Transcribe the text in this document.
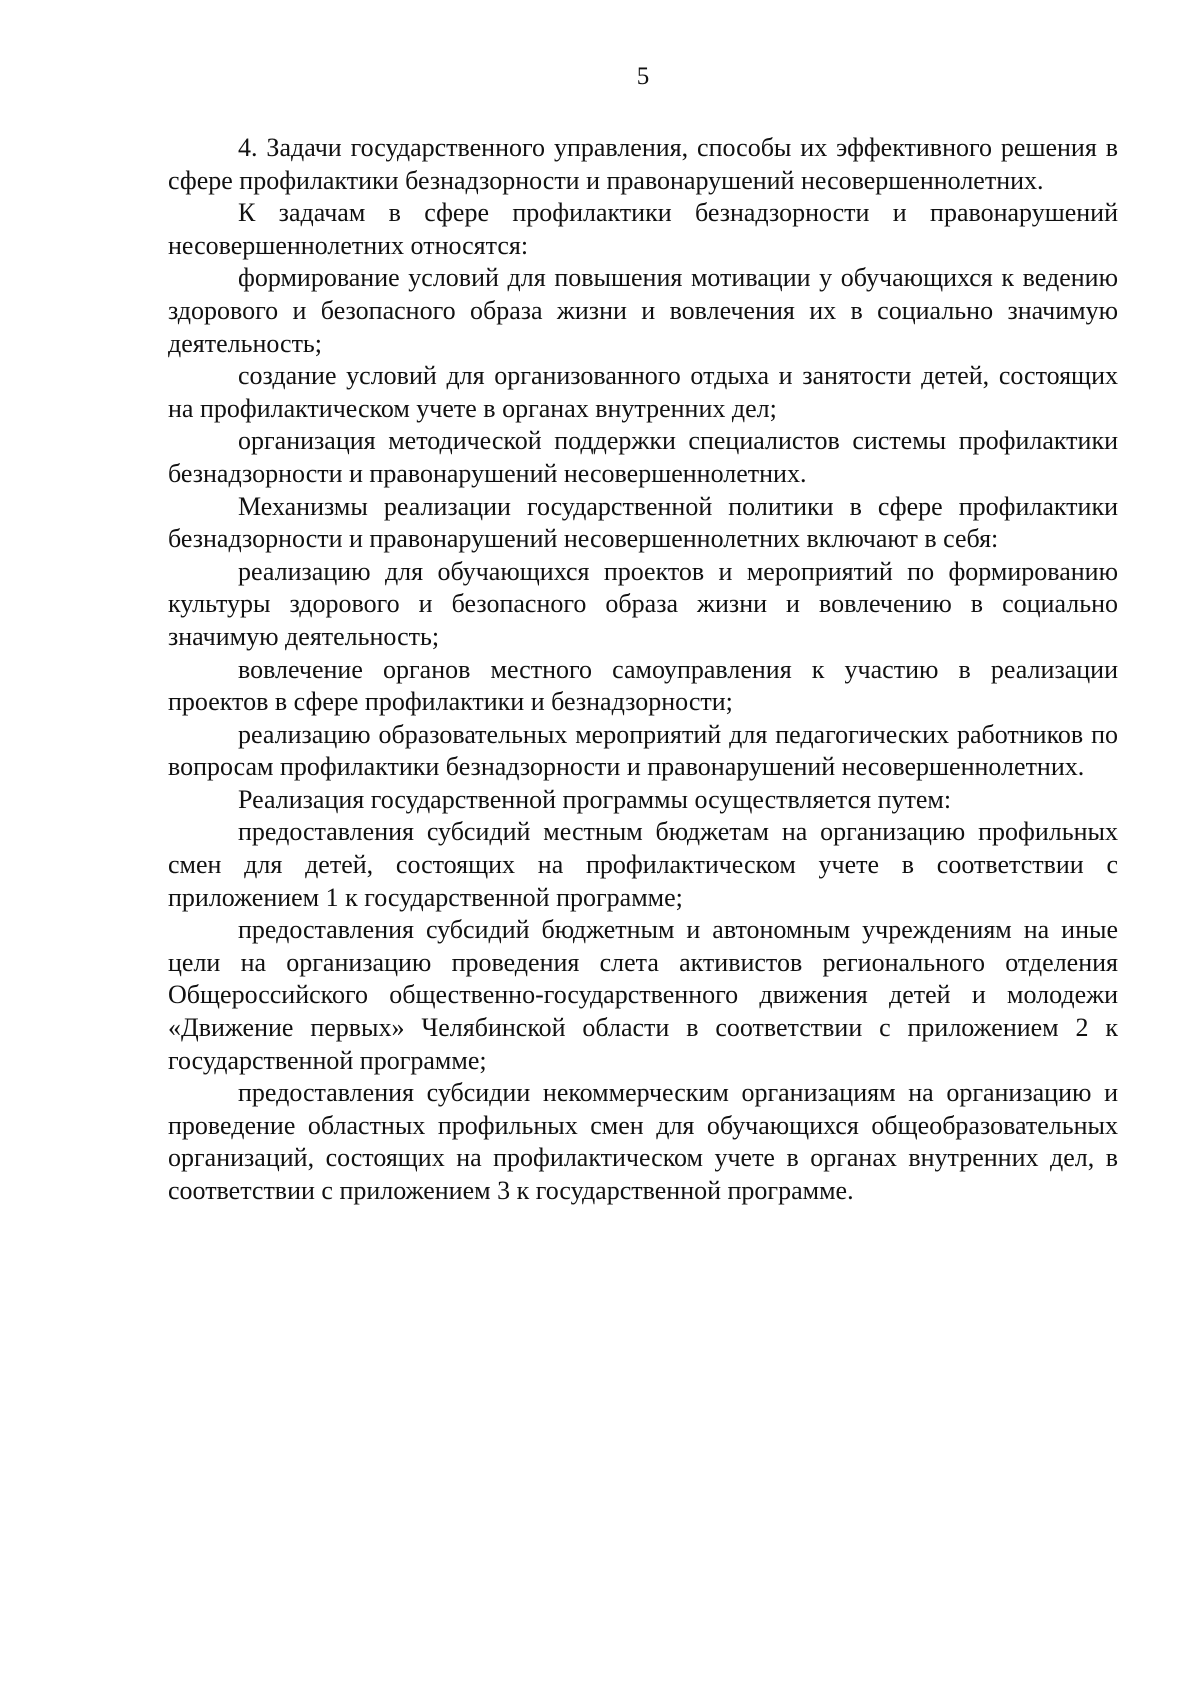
5

4. Задачи государственного управления, способы их эффективного решения в сфере профилактики безнадзорности и правонарушений несовершеннолетних.

К задачам в сфере профилактики безнадзорности и правонарушений несовершеннолетних относятся:

формирование условий для повышения мотивации у обучающихся к ведению здорового и безопасного образа жизни и вовлечения их в социально значимую деятельность;

создание условий для организованного отдыха и занятости детей, состоящих на профилактическом учете в органах внутренних дел;

организация методической поддержки специалистов системы профилактики безнадзорности и правонарушений несовершеннолетних.

Механизмы реализации государственной политики в сфере профилактики безнадзорности и правонарушений несовершеннолетних включают в себя:

реализацию для обучающихся проектов и мероприятий по формированию культуры здорового и безопасного образа жизни и вовлечению в социально значимую деятельность;

вовлечение органов местного самоуправления к участию в реализации проектов в сфере профилактики и безнадзорности;

реализацию образовательных мероприятий для педагогических работников по вопросам профилактики безнадзорности и правонарушений несовершеннолетних.

Реализация государственной программы осуществляется путем:

предоставления субсидий местным бюджетам на организацию профильных смен для детей, состоящих на профилактическом учете в соответствии с приложением 1 к государственной программе;

предоставления субсидий бюджетным и автономным учреждениям на иные цели на организацию проведения слета активистов регионального отделения Общероссийского общественно-государственного движения детей и молодежи «Движение первых» Челябинской области в соответствии с приложением 2 к государственной программе;

предоставления субсидии некоммерческим организациям на организацию и проведение областных профильных смен для обучающихся общеобразовательных организаций, состоящих на профилактическом учете в органах внутренних дел, в соответствии с приложением 3 к государственной программе.
